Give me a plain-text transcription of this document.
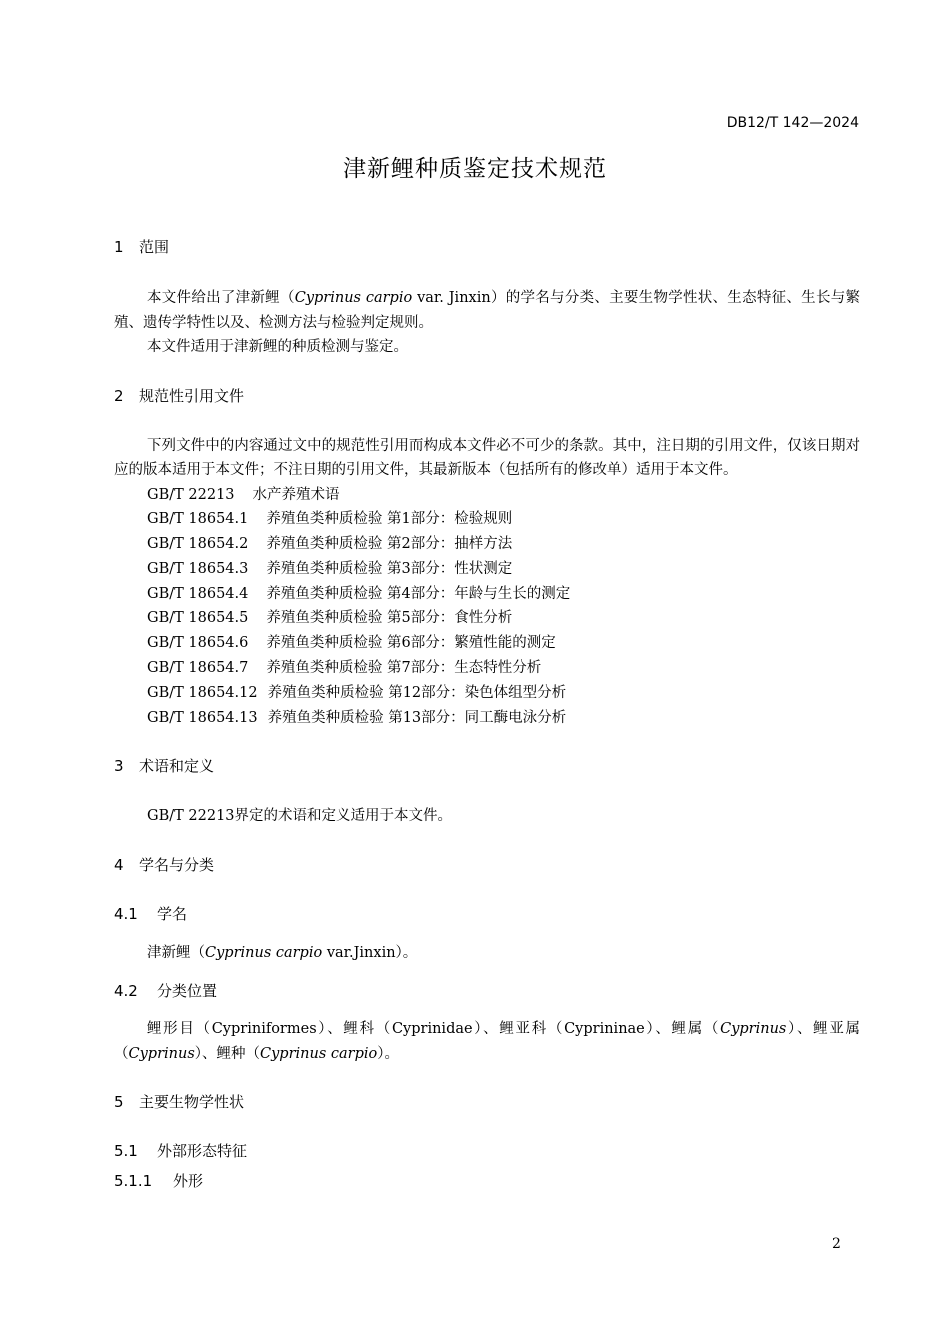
DB12/T 142—2024
津新鲤种质鉴定技术规范
1 范围

本文件给出了津新鲤（Cyprinus carpio var. Jinxin）的学名与分类、主要生物学性状、生态特征、生长与繁殖、遗传学特性以及、检测方法与检验判定规则。

本文件适用于津新鲤的种质检测与鉴定。

2 规范性引用文件

下列文件中的内容通过文中的规范性引用而构成本文件必不可少的条款。其中，注日期的引用文件，仅该日期对应的版本适用于本文件；不注日期的引用文件，其最新版本（包括所有的修改单）适用于本文件。

GB/T 22213 水产养殖术语
GB/T 18654.1 养殖鱼类种质检验 第1部分：检验规则
GB/T 18654.2 养殖鱼类种质检验 第2部分：抽样方法
GB/T 18654.3 养殖鱼类种质检验 第3部分：性状测定
GB/T 18654.4 养殖鱼类种质检验 第4部分：年龄与生长的测定
GB/T 18654.5 养殖鱼类种质检验 第5部分：食性分析
GB/T 18654.6 养殖鱼类种质检验 第6部分：繁殖性能的测定
GB/T 18654.7 养殖鱼类种质检验 第7部分：生态特性分析
GB/T 18654.12 养殖鱼类种质检验 第12部分：染色体组型分析
GB/T 18654.13 养殖鱼类种质检验 第13部分：同工酶电泳分析
3 术语和定义

GB/T 22213界定的术语和定义适用于本文件。

4 学名与分类
4.1 学名

津新鲤（Cyprinus carpio var.Jinxin）。

4.2 分类位置

鲤形目（Cypriniformes）、鲤科（Cyprinidae）、鲤亚科（Cyprininae）、鲤属（Cyprinus）、鲤亚属（Cyprinus）、鲤种（Cyprinus carpio）。

5 主要生物学性状
5.1 外部形态特征
5.1.1 外形
2
